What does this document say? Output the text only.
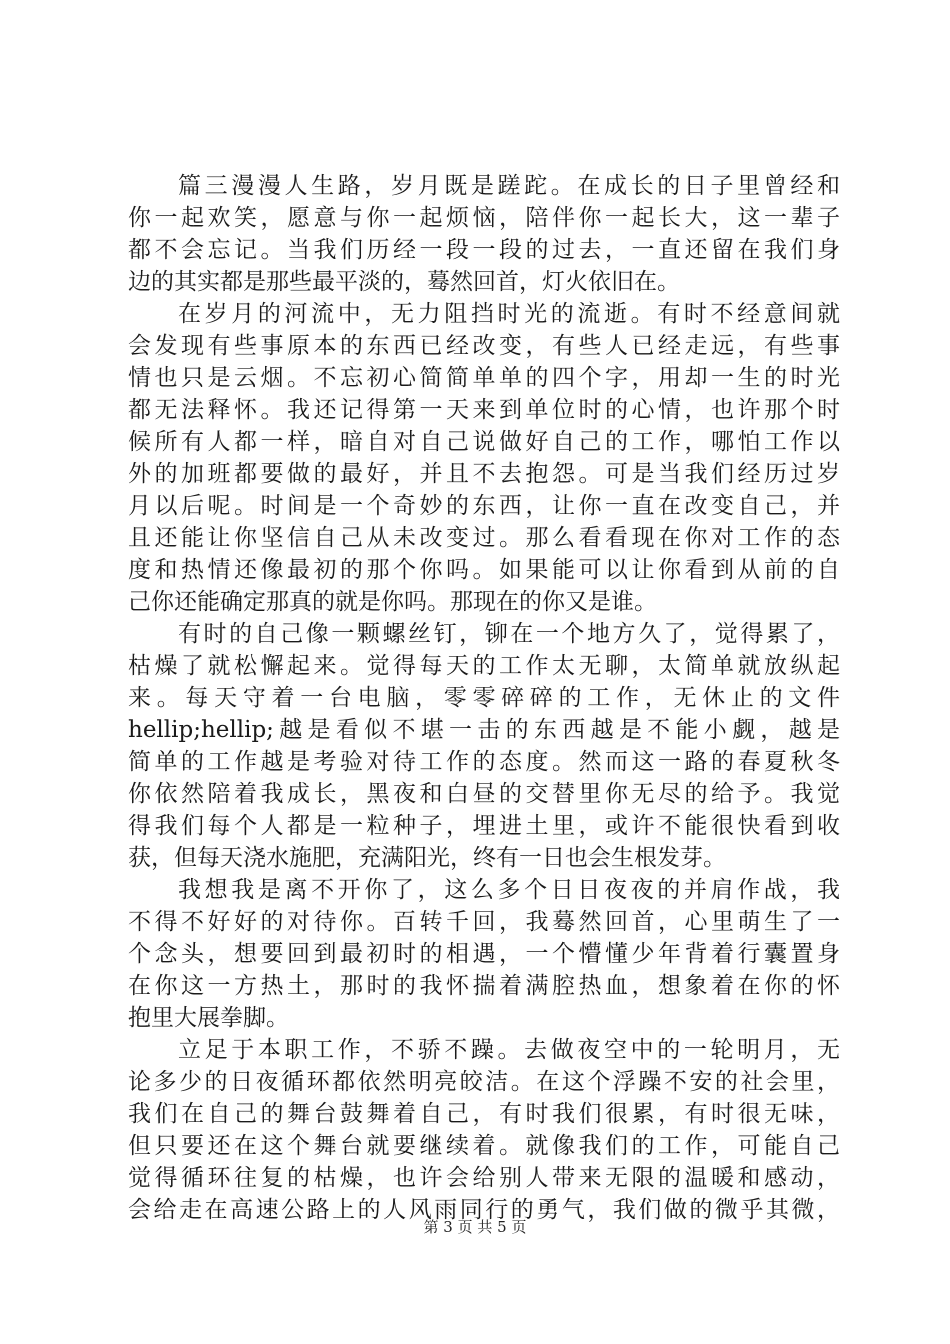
篇三漫漫人生路，岁月既是蹉跎。在成长的日子里曾经和
你一起欢笑，愿意与你一起烦恼，陪伴你一起长大，这一辈子
都不会忘记。当我们历经一段一段的过去，一直还留在我们身
边的其实都是那些最平淡的，蓦然回首，灯火依旧在。
在岁月的河流中，无力阻挡时光的流逝。有时不经意间就
会发现有些事原本的东西已经改变，有些人已经走远，有些事
情也只是云烟。不忘初心简简单单的四个字，用却一生的时光
都无法释怀。我还记得第一天来到单位时的心情，也许那个时
候所有人都一样，暗自对自己说做好自己的工作，哪怕工作以
外的加班都要做的最好，并且不去抱怨。可是当我们经历过岁
月以后呢。时间是一个奇妙的东西，让你一直在改变自己，并
且还能让你坚信自己从未改变过。那么看看现在你对工作的态
度和热情还像最初的那个你吗。如果能可以让你看到从前的自
己你还能确定那真的就是你吗。那现在的你又是谁。
有时的自己像一颗螺丝钉，铆在一个地方久了，觉得累了，
枯燥了就松懈起来。觉得每天的工作太无聊，太简单就放纵起
来。每天守着一台电脑，零零碎碎的工作，无休止的文件
hellip;hellip;越是看似不堪一击的东西越是不能小觑，越是
简单的工作越是考验对待工作的态度。然而这一路的春夏秋冬
你依然陪着我成长，黑夜和白昼的交替里你无尽的给予。我觉
得我们每个人都是一粒种子，埋进土里，或许不能很快看到收
获，但每天浇水施肥，充满阳光，终有一日也会生根发芽。
我想我是离不开你了，这么多个日日夜夜的并肩作战，我
不得不好好的对待你。百转千回，我蓦然回首，心里萌生了一
个念头，想要回到最初时的相遇，一个懵懂少年背着行囊置身
在你这一方热土，那时的我怀揣着满腔热血，想象着在你的怀
抱里大展拳脚。
立足于本职工作，不骄不躁。去做夜空中的一轮明月，无
论多少的日夜循环都依然明亮皎洁。在这个浮躁不安的社会里，
我们在自己的舞台鼓舞着自己，有时我们很累，有时很无味，
但只要还在这个舞台就要继续着。就像我们的工作，可能自己
觉得循环往复的枯燥，也许会给别人带来无限的温暖和感动，
会给走在高速公路上的人风雨同行的勇气，我们做的微乎其微，
第 3 页 共 5 页
